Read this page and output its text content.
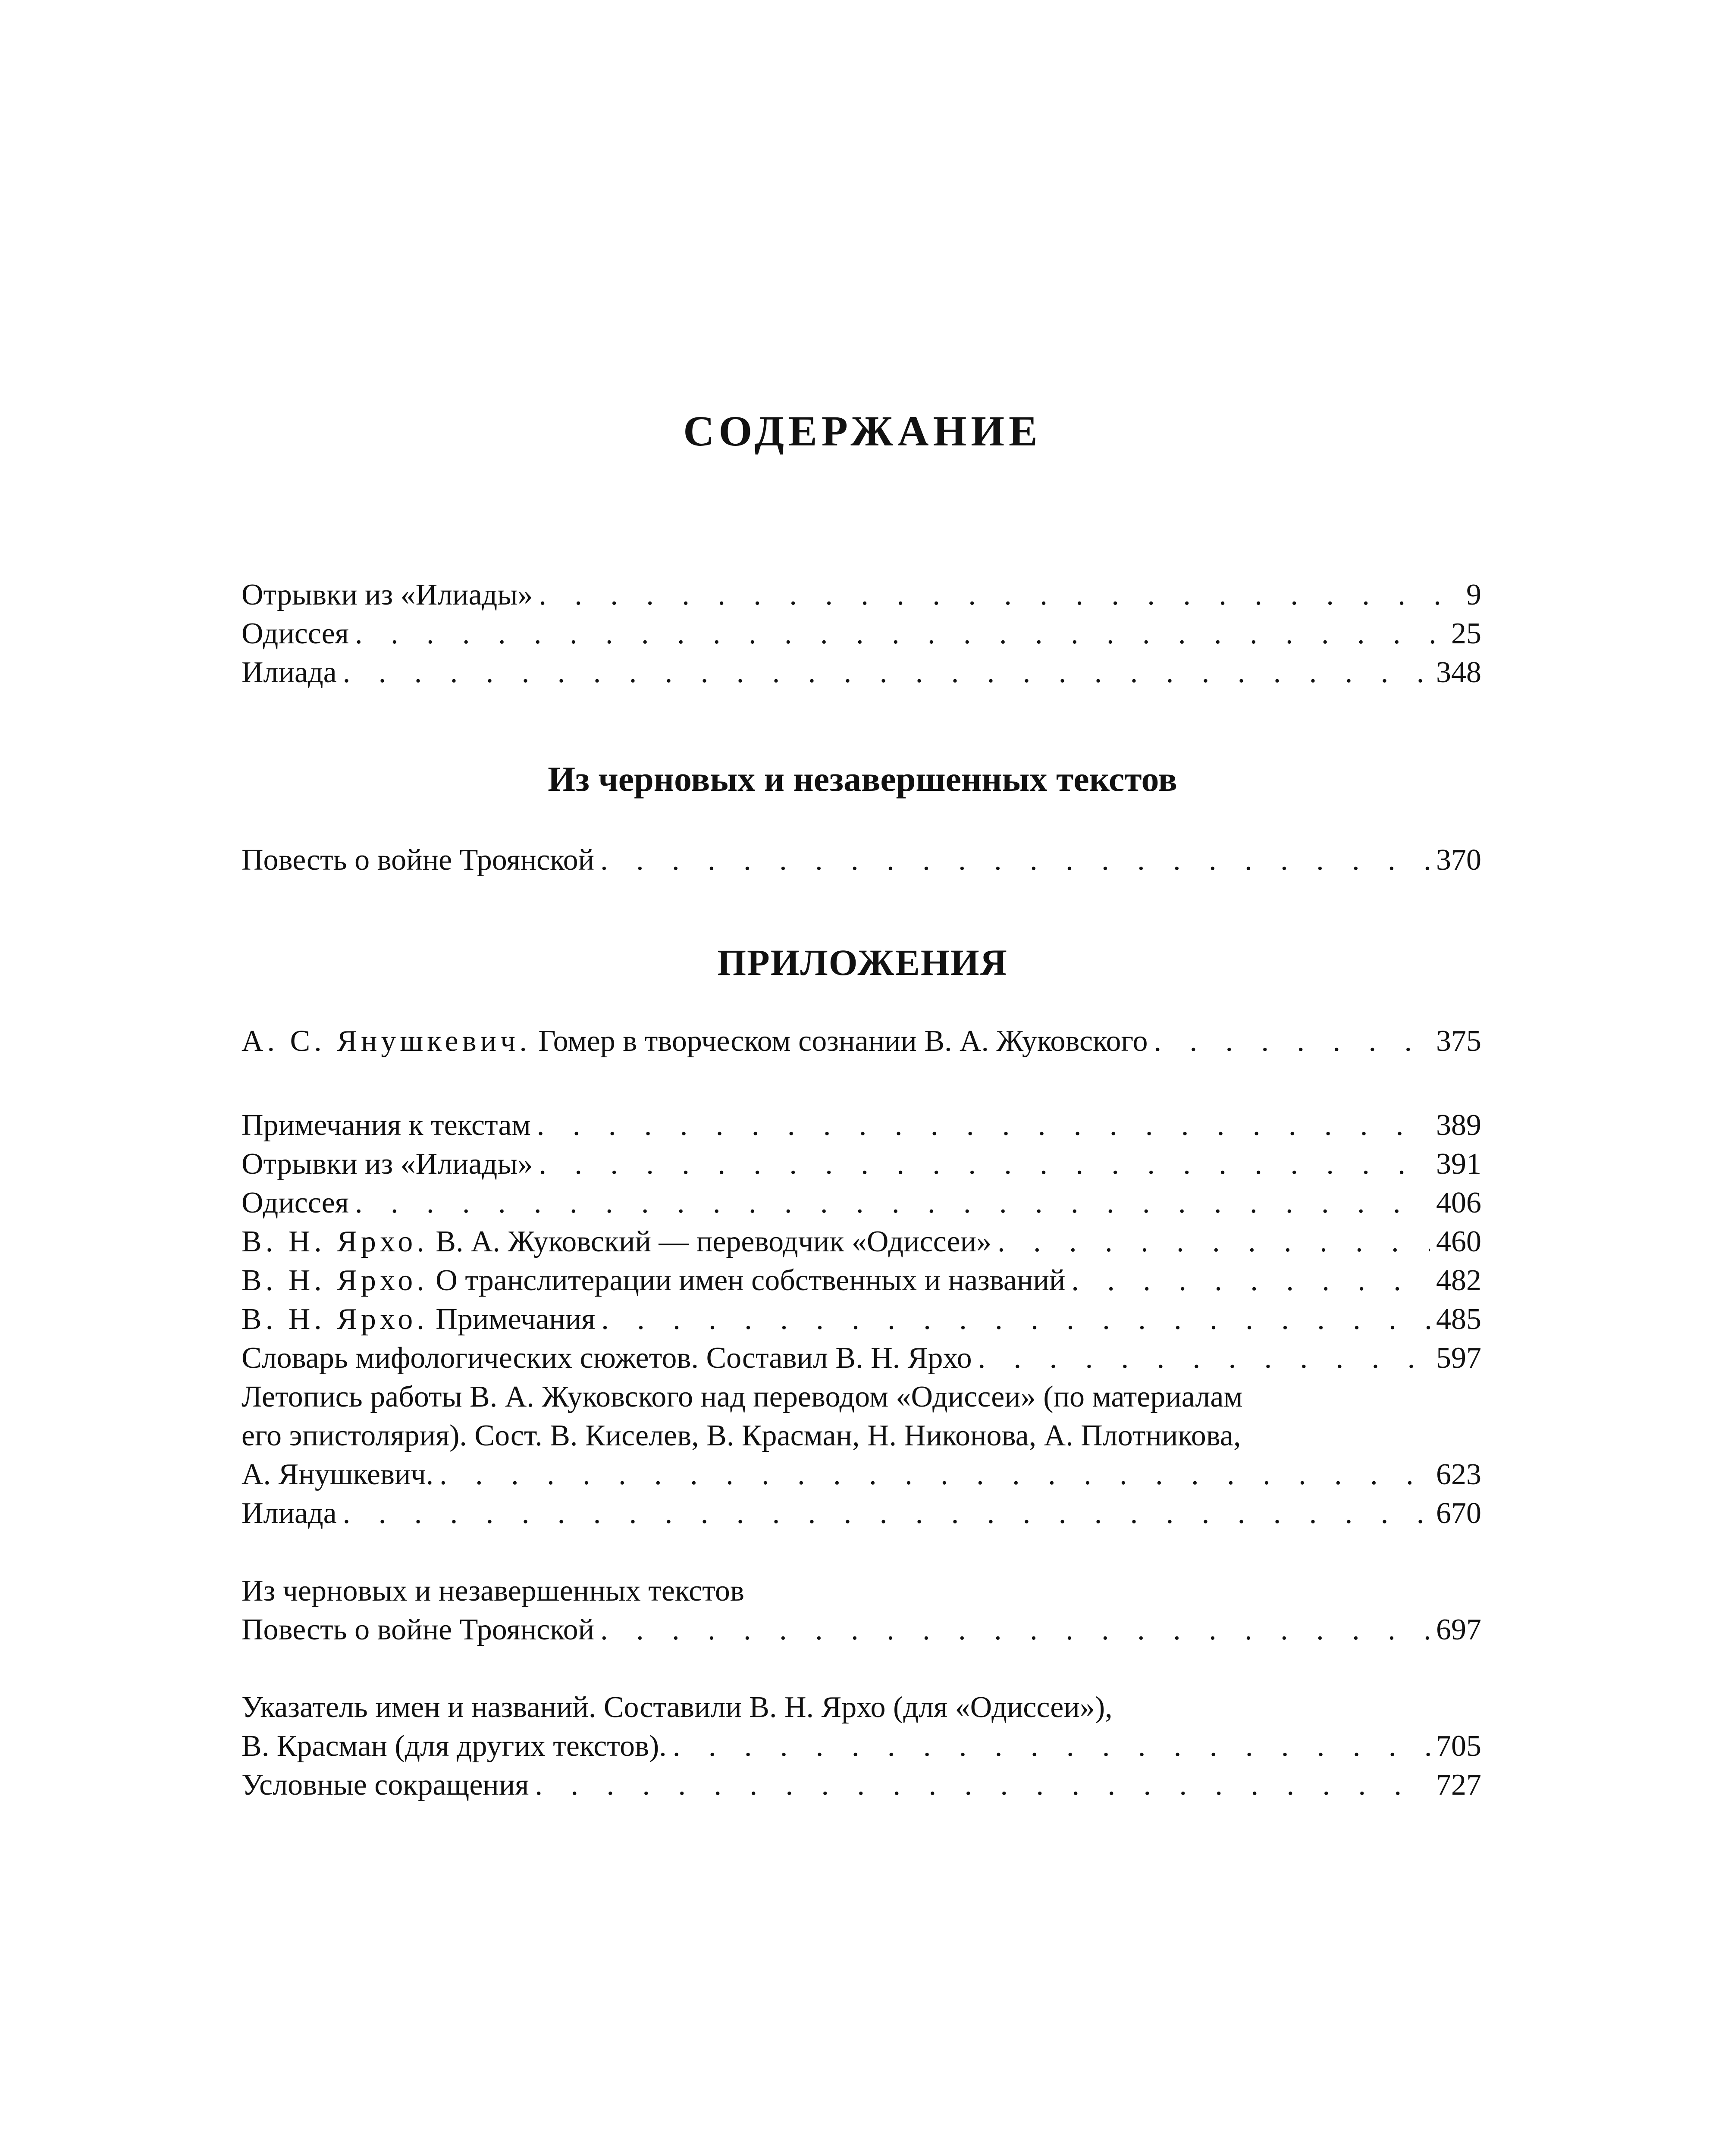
СОДЕРЖАНИЕ
Отрывки из «Илиады» . . .	9
Одиссея . . .	25
Илиада . . .	348
Из черновых и незавершенных текстов
Повесть о войне Троянской . . .	370
ПРИЛОЖЕНИЯ
А. С. Янушкевич. Гомер в творческом сознании В. А. Жуковского . . .	375
Примечания к текстам . . .	389
Отрывки из «Илиады» . . .	391
Одиссея . . .	406
В. Н. Ярхо. В. А. Жуковский — переводчик «Одиссеи» . . .	460
В. Н. Ярхо. О транслитерации имен собственных и названий . . .	482
В. Н. Ярхо. Примечания . . .	485
Словарь мифологических сюжетов. Составил В. Н. Ярхо . . .	597
Летопись работы В. А. Жуковского над переводом «Одиссеи» (по материалам
его эпистолярия). Сост. В. Киселев, В. Красман, Н. Никонова, А. Плотникова,
А. Янушкевич. . . .	623
Илиада . . .	670
Из черновых и незавершенных текстов
Повесть о войне Троянской . . .	697
Указатель имен и названий. Составили В. Н. Ярхо (для «Одиссеи»),
В. Красман (для других текстов). . . .	705
Условные сокращения . . .	727
